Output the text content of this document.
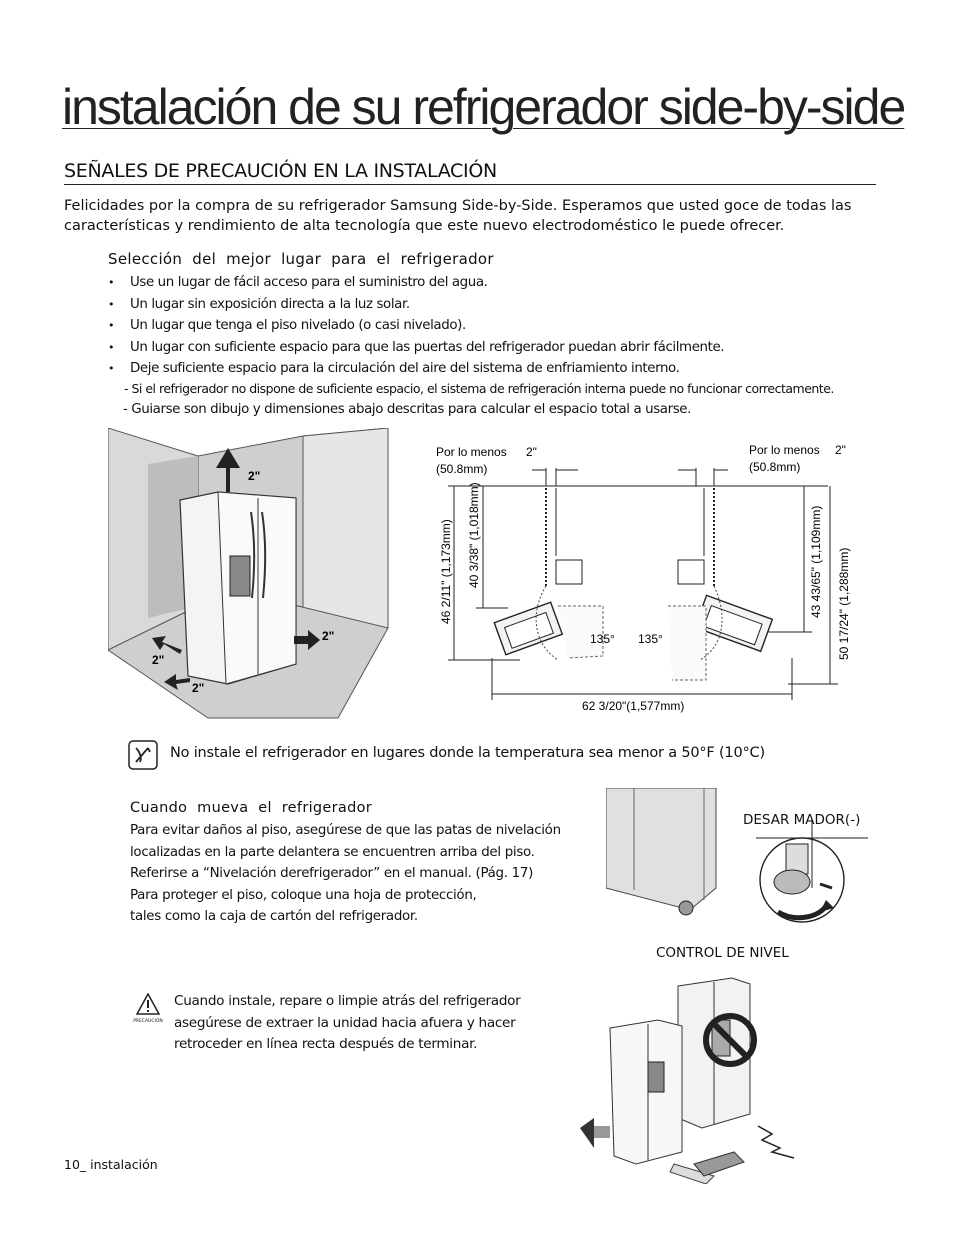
instalación de su refrigerador side-by-side
SEÑALES DE PRECAUCIÓN EN LA INSTALACIÓN
Felicidades por la compra de su refrigerador Samsung Side-by-Side. Esperamos que usted goce de todas las características y rendimiento de alta tecnología que este nuevo electrodoméstico le puede ofrecer.
Selección del mejor lugar para el refrigerador
• Use un lugar de fácil acceso para el suministro del agua.
• Un lugar sin exposición directa a la luz solar.
• Un lugar que tenga el piso nivelado (o casi nivelado).
• Un lugar con suficiente espacio para que las puertas del refrigerador puedan abrir fácilmente.
• Deje suficiente espacio para la circulación del aire del sistema de enfriamiento interno.
- Si el refrigerador no dispone de suficiente espacio, el sistema de refrigeración interna puede no funcionar correctamente.
- Guiarse son dibujo y dimensiones abajo descritas para calcular el espacio total a usarse.
2"
2"
2"
2"
Por lo menos 2"
(50.8mm)
Por lo menos 2"
(50.8mm)
46 2/11" (1,173mm) 40 3/38" (1,018mm)	43 43/65" (1,109mm) 50 17/24" (1,288mm)
135° 135°
62 3/20"(1,577mm)
No instale el refrigerador en lugares donde la temperatura sea menor a 50°F (10°C)
Cuando mueva el refrigerador
Para evitar daños al piso, asegúrese de que las patas de nivelación
localizadas en la parte delantera se encuentren arriba del piso.
Referirse a “Nivelación derefrigerador” en el manual. (Pág. 17)
Para proteger el piso, coloque una hoja de protección,
tales como la caja de cartón del refrigerador.
DESAR MADOR(-)
CONTROL DE NIVEL
PRECAUCIÓN
Cuando instale, repare o limpie atrás del refrigerador
asegúrese de extraer la unidad hacia afuera y hacer
retroceder en línea recta después de terminar.
10_ instalación
